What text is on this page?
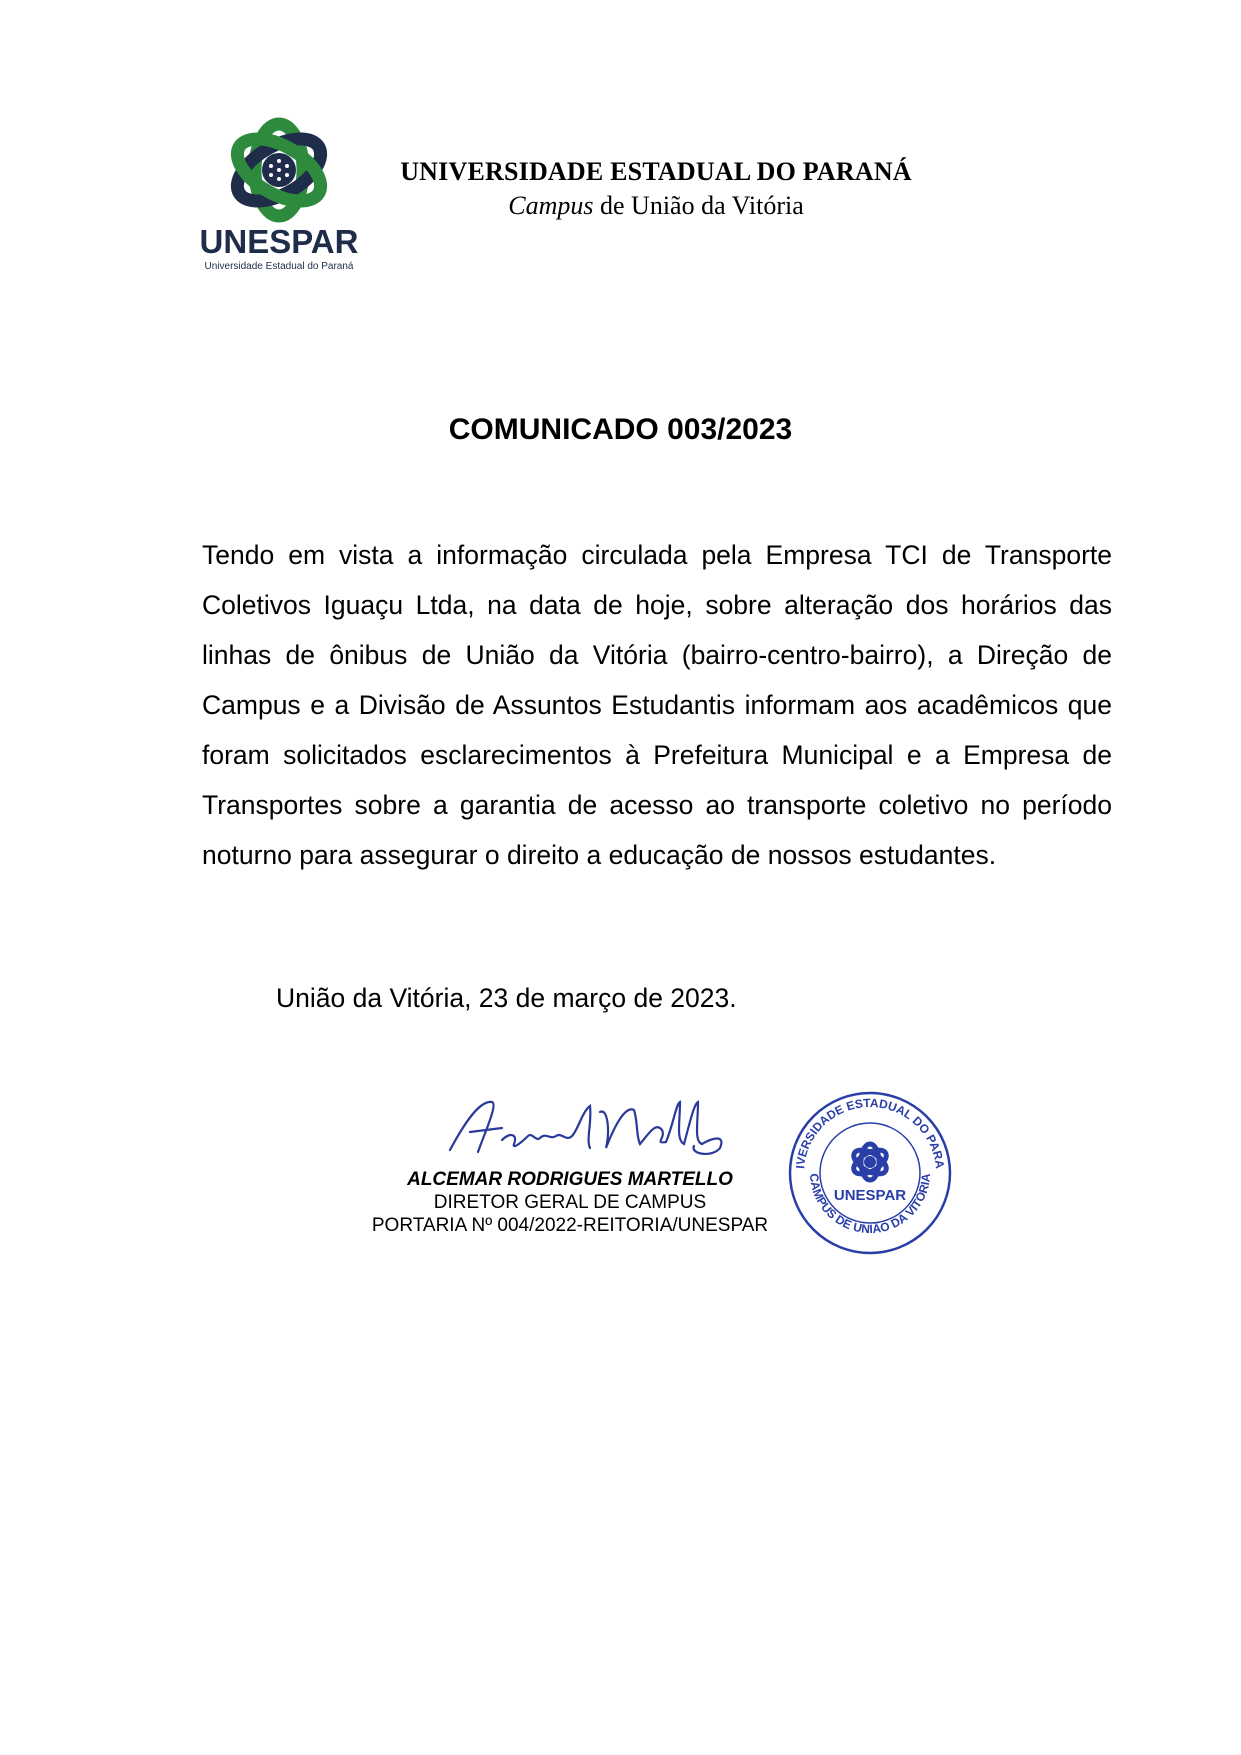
UNESPAR
Universidade Estadual do Paraná
UNIVERSIDADE ESTADUAL DO PARANÁ
Campus de União da Vitória
COMUNICADO 003/2023
Tendo em vista a informação circulada pela Empresa TCI de Transporte Coletivos Iguaçu Ltda, na data de hoje, sobre alteração dos horários das linhas de ônibus de União da Vitória (bairro-centro-bairro), a Direção de Campus e a Divisão de Assuntos Estudantis informam aos acadêmicos que foram solicitados esclarecimentos à Prefeitura Municipal e a Empresa de Transportes sobre a garantia de acesso ao transporte coletivo no período noturno para assegurar o direito a educação de nossos estudantes.
União da Vitória, 23 de março de 2023.
ALCEMAR RODRIGUES MARTELLO
DIRETOR GERAL DE CAMPUS
PORTARIA Nº 004/2022-REITORIA/UNESPAR
IVERSIDADE ESTADUAL DO PARA
CAMPUS DE UNIÃO DA VITÓRIA
UNESPAR
